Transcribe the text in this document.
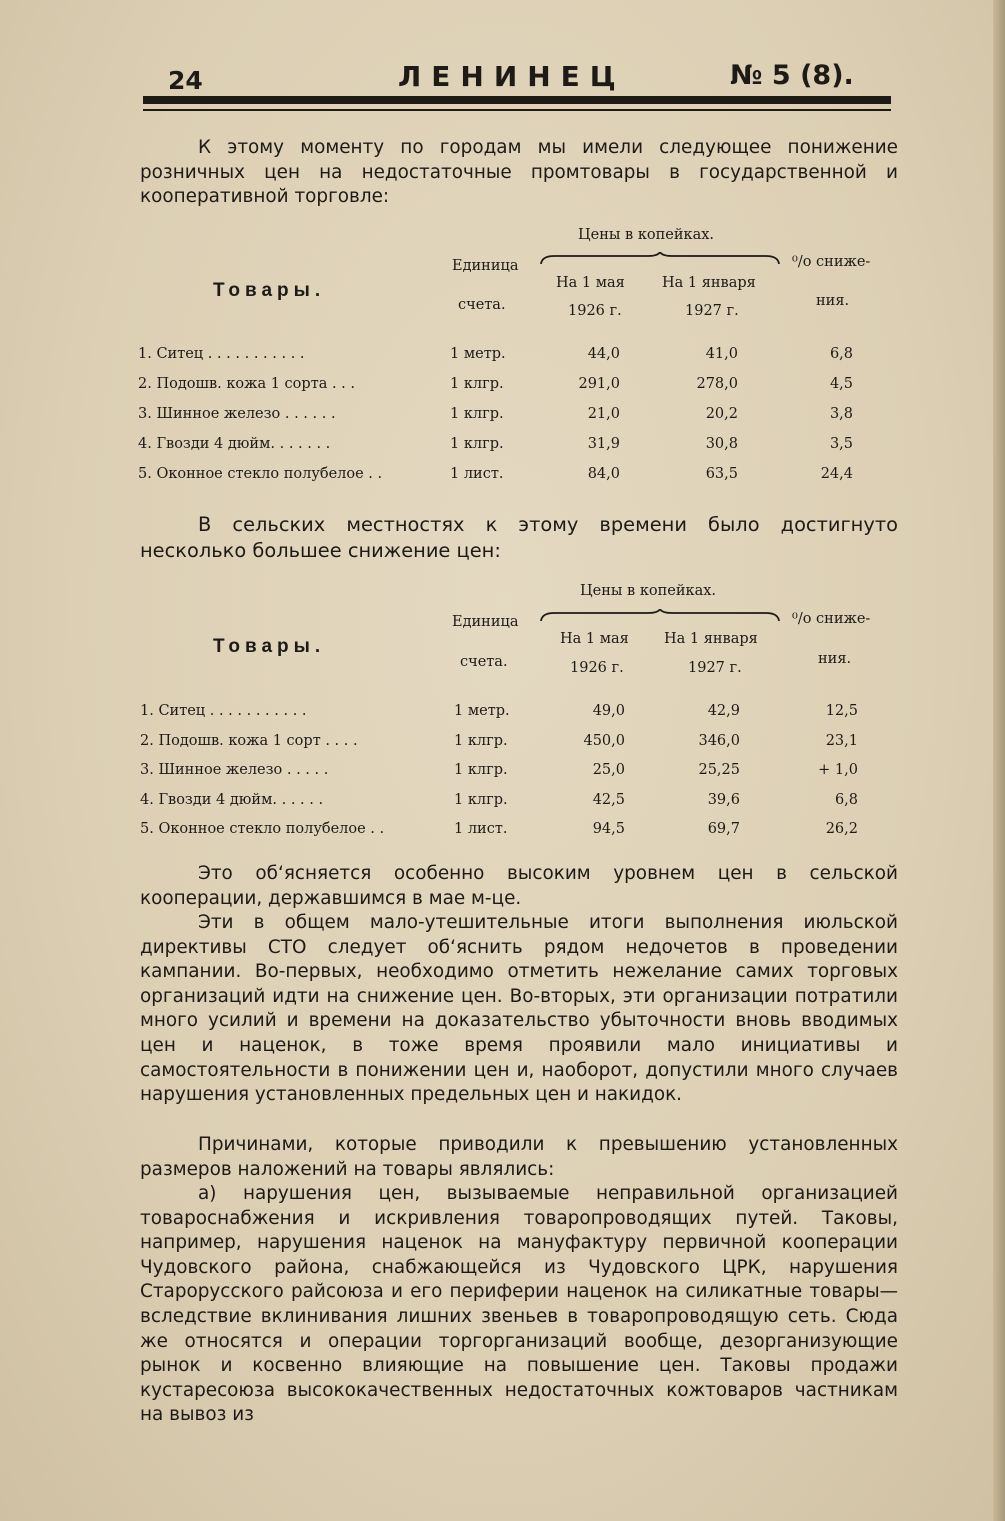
24	ЛЕНИНЕЦ	№ 5 (8).
К этому моменту по городам мы имели следующее понижение розничных цен на недостаточные промтовары в государственной и кооперативной торговле:
Товары.
Единица
счета.
Цены в копейках.
На 1 мая
1926 г.
На 1 января
1927 г.
⁰/о сниже-
ния.
1. Ситец . . . . . . . . . . .	1 метр.	44,0	41,0	6,8
2. Подошв. кожа 1 сорта . . .	1 клгр.	291,0	278,0	4,5
3. Шинное железо . . . . . .	1 клгр.	21,0	20,2	3,8
4. Гвозди 4 дюйм. . . . . . .	1 клгр.	31,9	30,8	3,5
5. Оконное стекло полубелое . .	1 лист.	84,0	63,5	24,4
В сельских местностях к этому времени было достигнуто несколько большее снижение цен:
Товары.
Единица
счета.
Цены в копейках.
На 1 мая
1926 г.
На 1 января
1927 г.
⁰/о сниже-
ния.
1. Ситец . . . . . . . . . . .	1 метр.	49,0	42,9	12,5
2. Подошв. кожа 1 сорт . . . .	1 клгр.	450,0	346,0	23,1
3. Шинное железо . . . . .	1 клгр.	25,0	25,25	+ 1,0
4. Гвозди 4 дюйм. . . . . .	1 клгр.	42,5	39,6	6,8
5. Оконное стекло полубелое . .	1 лист.	94,5	69,7	26,2
Это об‘ясняется особенно высоким уровнем цен в сельской кооперации, державшимся в мае м-це.
Эти в общем мало-утешительные итоги выполнения июльской директивы СТО следует об‘яснить рядом недочетов в проведении кампании. Во-первых, необходимо отметить нежелание самих торговых организаций идти на снижение цен. Во-вторых, эти организации потратили много усилий и времени на доказательство убыточности вновь вводимых цен и наценок, в тоже время проявили мало инициативы и самостоятельности в понижении цен и, наоборот, допустили много случаев нарушения установленных предельных цен и накидок.
Причинами, которые приводили к превышению установленных размеров наложений на товары являлись:
а) нарушения цен, вызываемые неправильной организацией товароснабжения и искривления товаропроводящих путей. Таковы, например, нарушения наценок на мануфактуру первичной кооперации Чудовского района, снабжающейся из Чудовского ЦРК, нарушения Старорусского райсоюза и его периферии наценок на силикатные товары—вследствие вклинивания лишних звеньев в товаропроводящую сеть. Сюда же относятся и операции торгорганизаций вообще, дезорганизующие рынок и косвенно влияющие на повышение цен. Таковы продажи кустаресоюза высококачественных недостаточных кожтоваров частникам на вывоз из
